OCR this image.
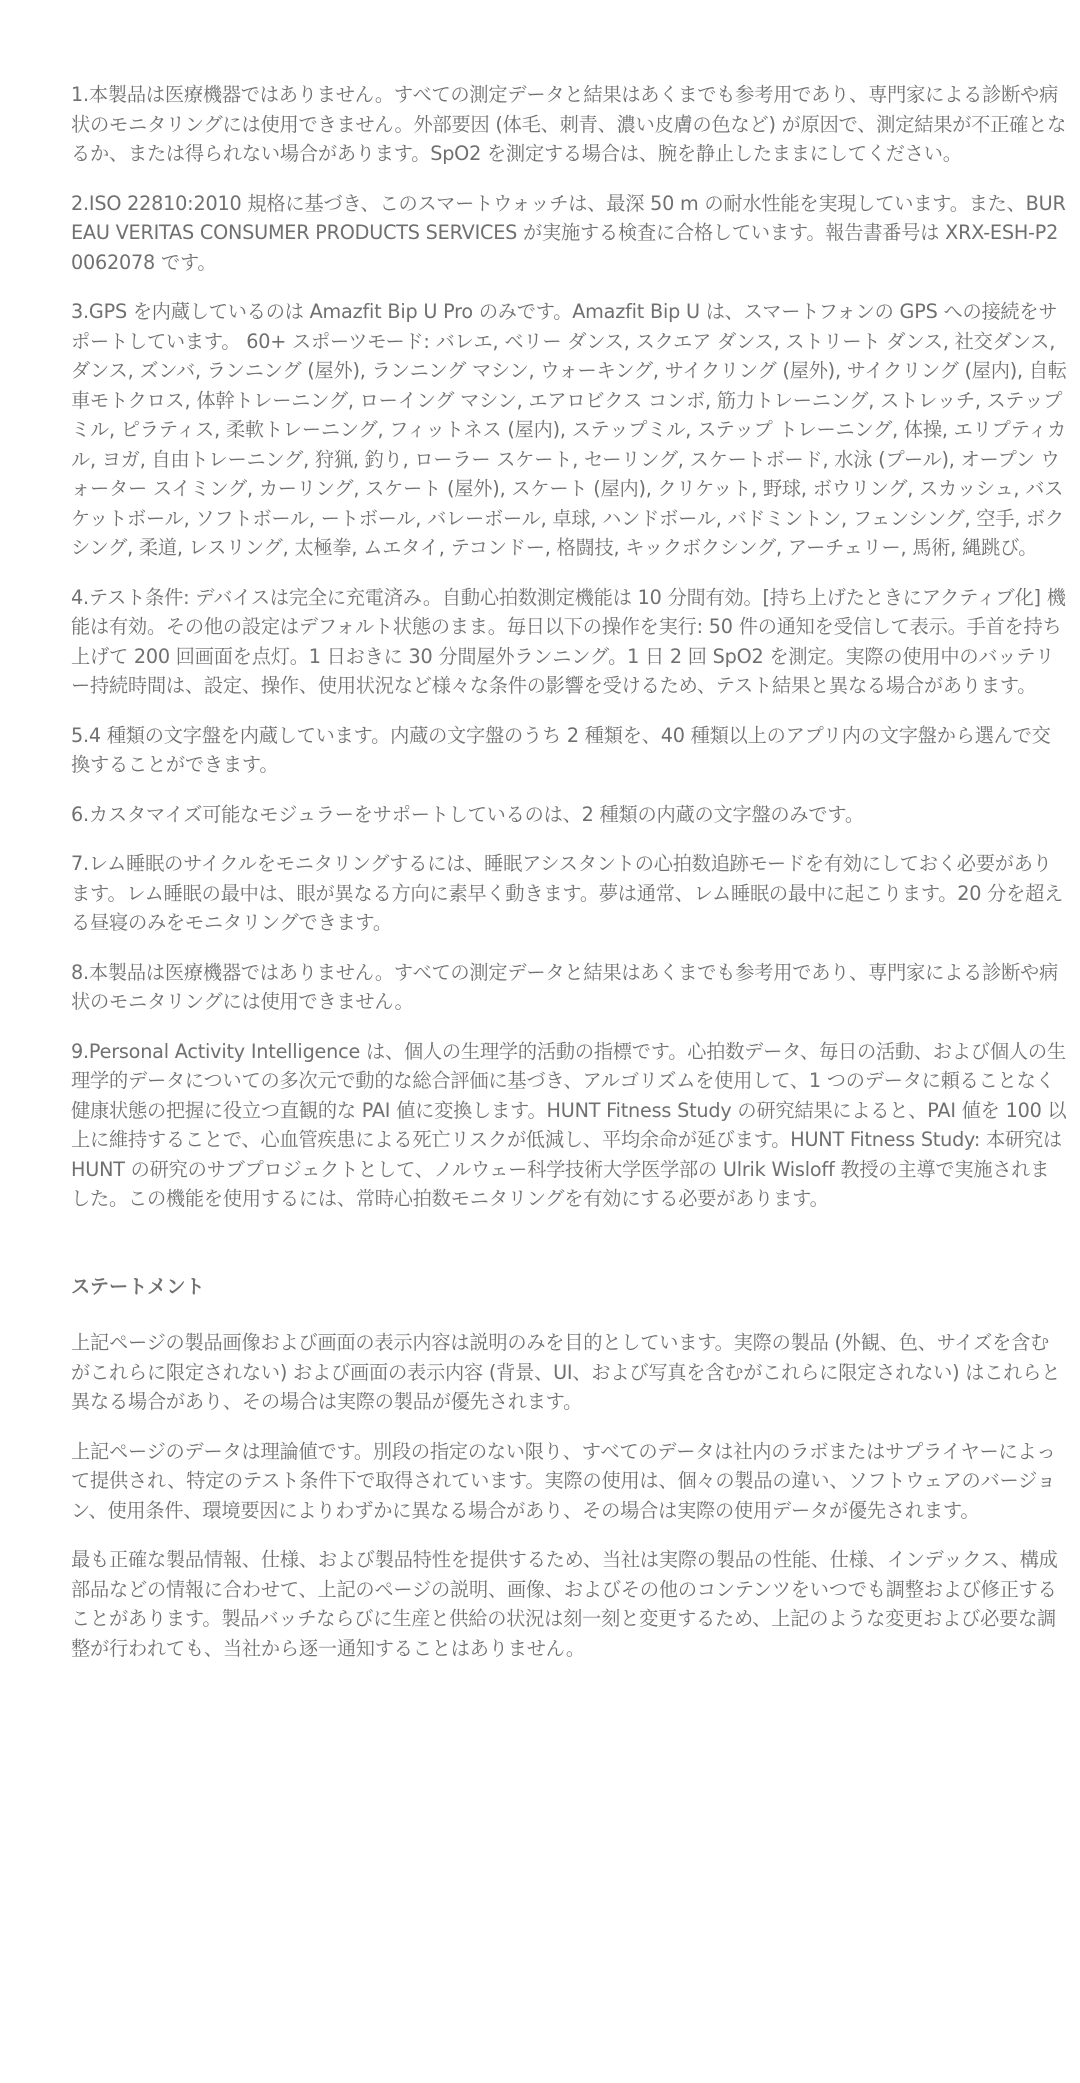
1.本製品は医療機器ではありません。すべての測定データと結果はあくまでも参考用であり、専門家による診断や病状のモニタリングには使用できません。外部要因 (体毛、刺青、濃い皮膚の色など) が原因で、測定結果が不正確となるか、または得られない場合があります。SpO2 を測定する場合は、腕を静止したままにしてください。

2.ISO 22810:2010 規格に基づき、このスマートウォッチは、最深 50 m の耐水性能を実現しています。また、BUREAU VERITAS CONSUMER PRODUCTS SERVICES が実施する検査に合格しています。報告書番号は XRX-ESH-P20062078 です。

3.GPS を内蔵しているのは Amazfit Bip U Pro のみです。Amazfit Bip U は、スマートフォンの GPS への接続をサポートしています。 60+ スポーツモード: バレエ, ベリー ダンス, スクエア ダンス, ストリート ダンス, 社交ダンス, ダンス, ズンバ, ランニング (屋外), ランニング マシン, ウォーキング, サイクリング (屋外), サイクリング (屋内), 自転車モトクロス, 体幹トレーニング, ローイング マシン, エアロビクス コンボ, 筋力トレーニング, ストレッチ, ステップミル, ピラティス, 柔軟トレーニング, フィットネス (屋内), ステップミル, ステップ トレーニング, 体操, エリプティカル, ヨガ, 自由トレーニング, 狩猟, 釣り, ローラー スケート, セーリング, スケートボード, 水泳 (プール), オープン ウォーター スイミング, カーリング, スケート (屋外), スケート (屋内), クリケット, 野球, ボウリング, スカッシュ, バスケットボール, ソフトボール, ートボール, バレーボール, 卓球, ハンドボール, バドミントン, フェンシング, 空手, ボクシング, 柔道, レスリング, 太極拳, ムエタイ, テコンドー, 格闘技, キックボクシング, アーチェリー, 馬術, 縄跳び。

4.テスト条件: デバイスは完全に充電済み。自動心拍数測定機能は 10 分間有効。[持ち上げたときにアクティブ化] 機能は有効。その他の設定はデフォルト状態のまま。毎日以下の操作を実行: 50 件の通知を受信して表示。手首を持ち上げて 200 回画面を点灯。1 日おきに 30 分間屋外ランニング。1 日 2 回 SpO2 を測定。実際の使用中のバッテリー持続時間は、設定、操作、使用状況など様々な条件の影響を受けるため、テスト結果と異なる場合があります。

5.4 種類の文字盤を内蔵しています。内蔵の文字盤のうち 2 種類を、40 種類以上のアプリ内の文字盤から選んで交換することができます。

6.カスタマイズ可能なモジュラーをサポートしているのは、2 種類の内蔵の文字盤のみです。

7.レム睡眠のサイクルをモニタリングするには、睡眠アシスタントの心拍数追跡モードを有効にしておく必要があります。レム睡眠の最中は、眼が異なる方向に素早く動きます。夢は通常、レム睡眠の最中に起こります。20 分を超える昼寝のみをモニタリングできます。

8.本製品は医療機器ではありません。すべての測定データと結果はあくまでも参考用であり、専門家による診断や病状のモニタリングには使用できません。

9.Personal Activity Intelligence は、個人の生理学的活動の指標です。心拍数データ、毎日の活動、および個人の生理学的データについての多次元で動的な総合評価に基づき、アルゴリズムを使用して、1 つのデータに頼ることなく健康状態の把握に役立つ直観的な PAI 値に変換します。HUNT Fitness Study の研究結果によると、PAI 値を 100 以上に維持することで、心血管疾患による死亡リスクが低減し、平均余命が延びます。HUNT Fitness Study: 本研究は HUNT の研究のサブプロジェクトとして、ノルウェー科学技術大学医学部の Ulrik Wisloff 教授の主導で実施されました。この機能を使用するには、常時心拍数モニタリングを有効にする必要があります。

ステートメント

上記ページの製品画像および画面の表示内容は説明のみを目的としています。実際の製品 (外観、色、サイズを含むがこれらに限定されない) および画面の表示内容 (背景、UI、および写真を含むがこれらに限定されない) はこれらと異なる場合があり、その場合は実際の製品が優先されます。

上記ページのデータは理論値です。別段の指定のない限り、すべてのデータは社内のラボまたはサプライヤーによって提供され、特定のテスト条件下で取得されています。実際の使用は、個々の製品の違い、ソフトウェアのバージョン、使用条件、環境要因によりわずかに異なる場合があり、その場合は実際の使用データが優先されます。

最も正確な製品情報、仕様、および製品特性を提供するため、当社は実際の製品の性能、仕様、インデックス、構成部品などの情報に合わせて、上記のページの説明、画像、およびその他のコンテンツをいつでも調整および修正することがあります。製品バッチならびに生産と供給の状況は刻一刻と変更するため、上記のような変更および必要な調整が行われても、当社から逐一通知することはありません。
